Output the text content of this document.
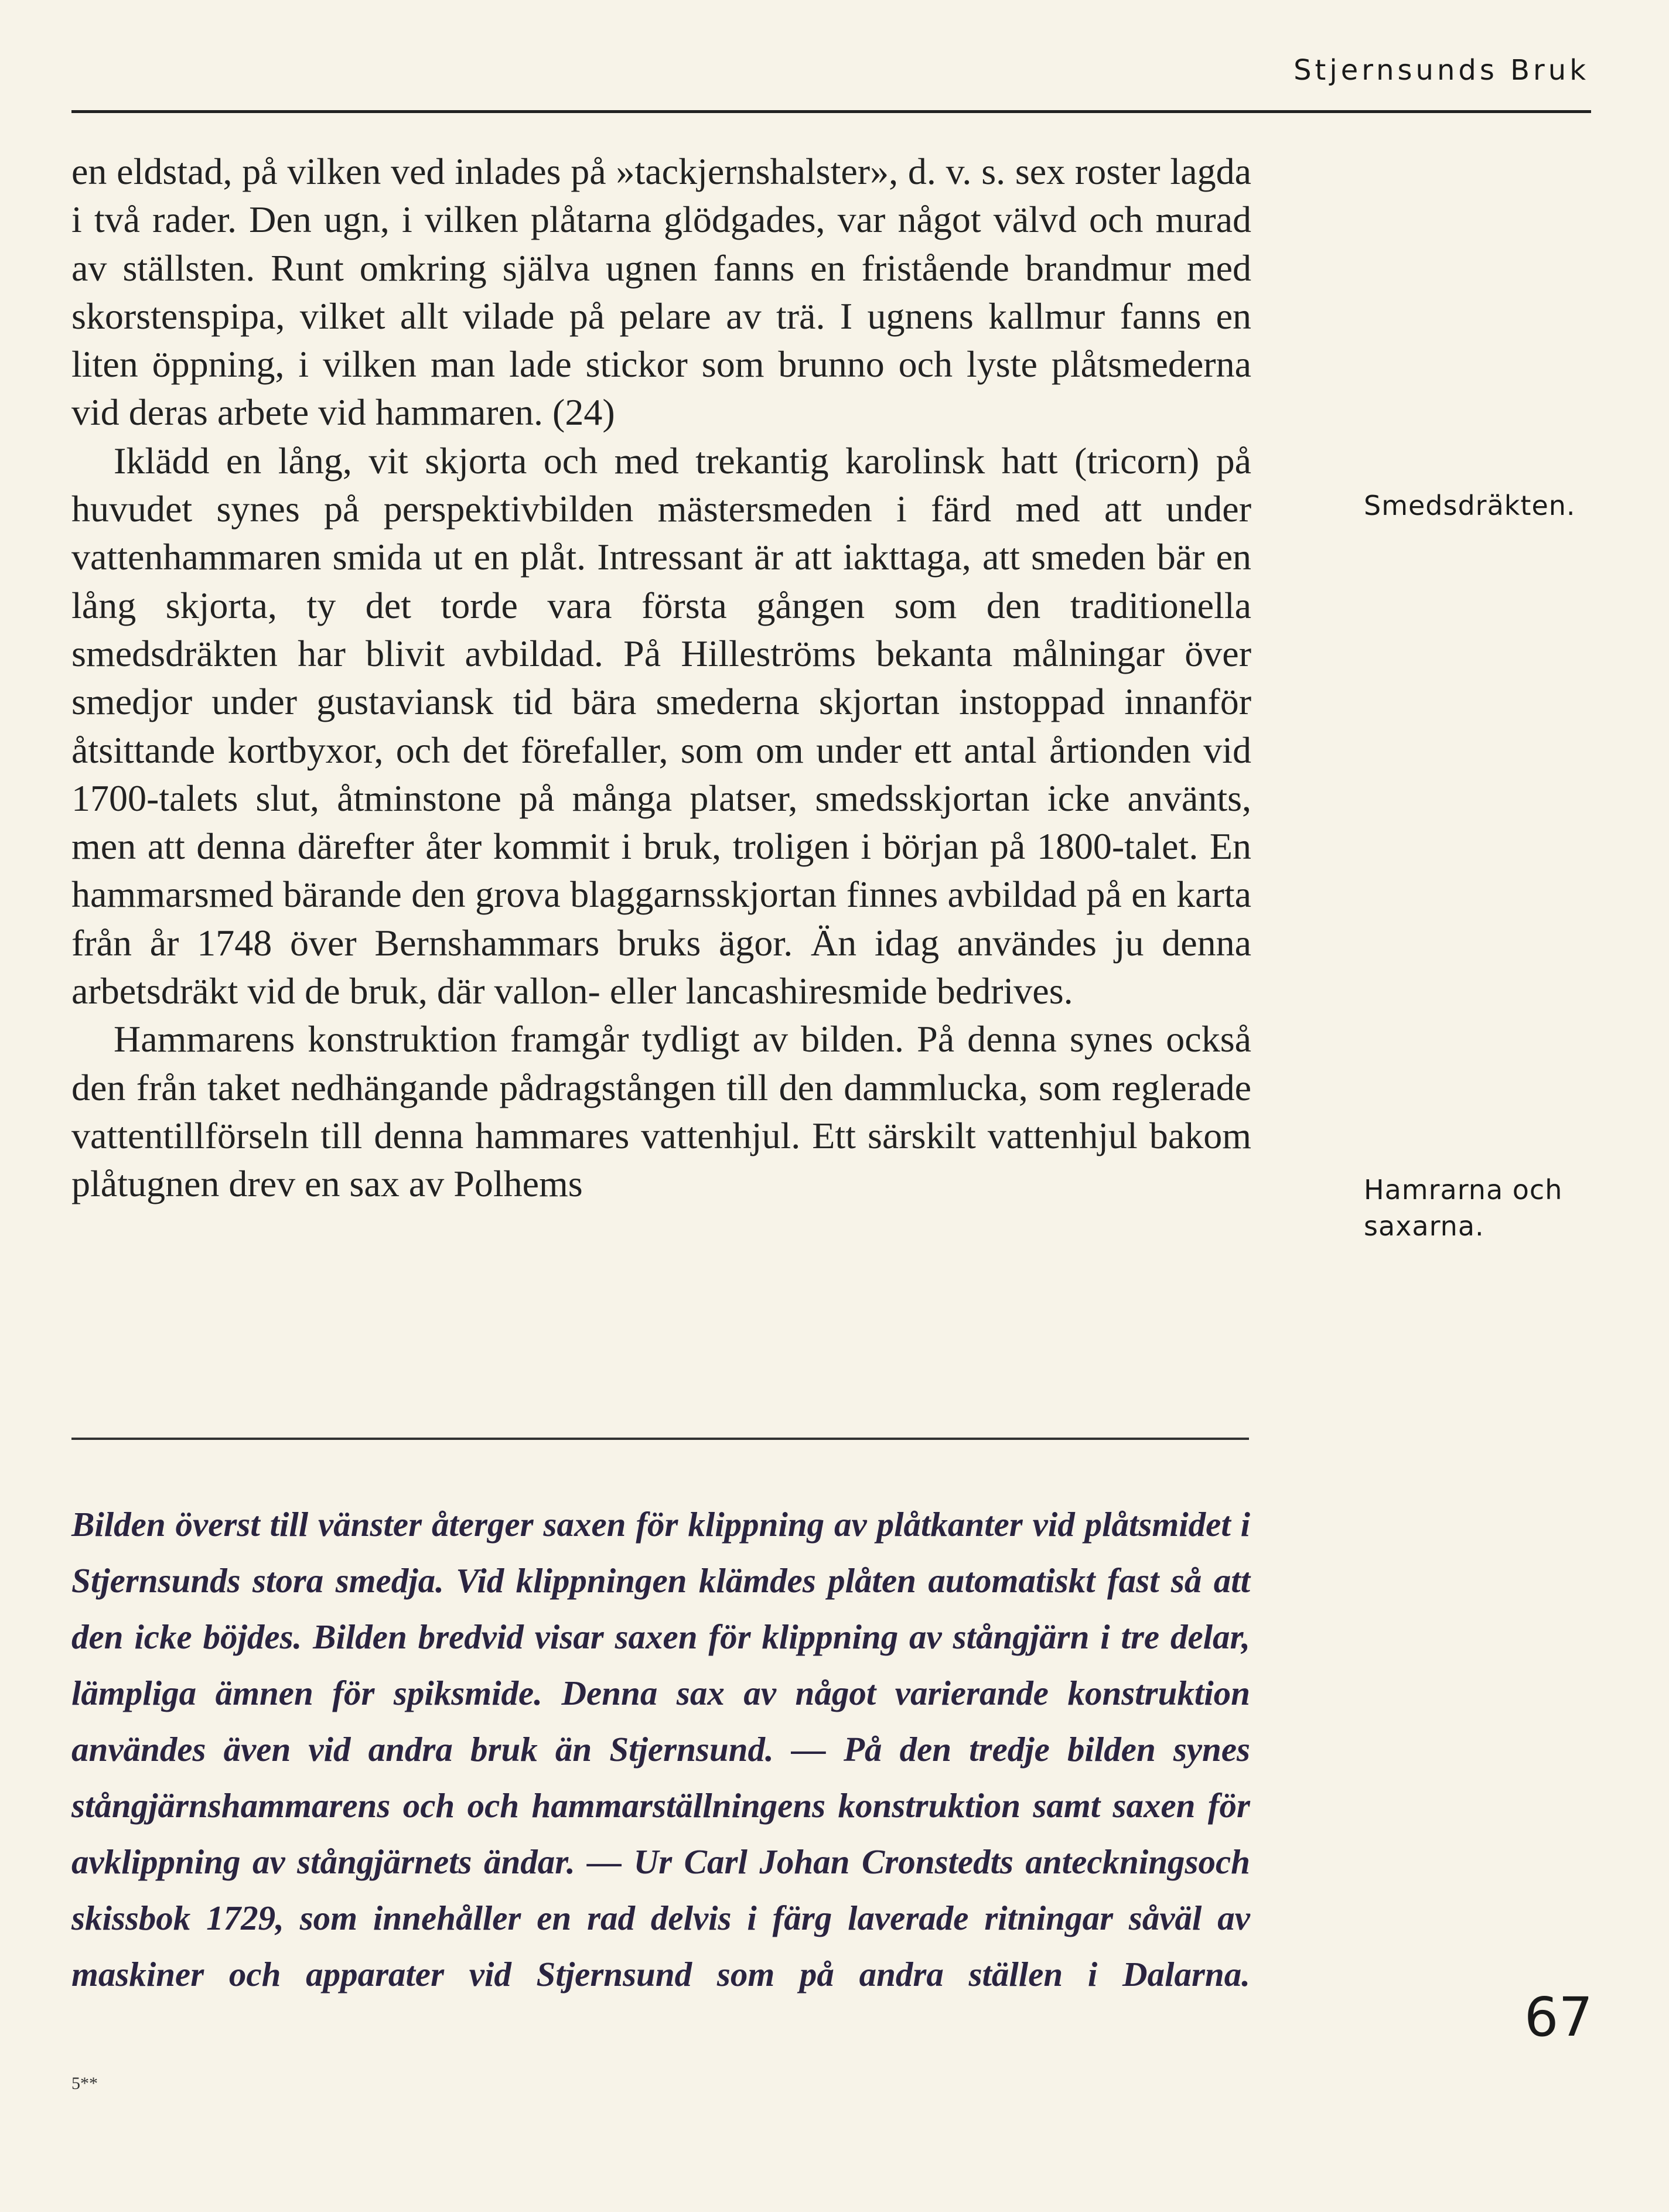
Stjernsunds Bruk

en eldstad, på vilken ved inlades på »tackjernshalster», d. v. s. sex roster lagda i två rader. Den ugn, i vilken plåtarna glödgades, var något välvd och murad av ställsten. Runt omkring själva ugnen fanns en fristående brandmur med skorstenspipa, vilket allt vilade på pelare av trä. I ugnens kallmur fanns en liten öppning, i vilken man lade stickor som brunno och lyste plåtsmederna vid deras arbete vid hammaren. (24)

Iklädd en lång, vit skjorta och med trekantig karolinsk hatt (tricorn) på huvudet synes på perspektivbilden mästersmeden i färd med att under vattenhammaren smida ut en plåt. Intressant är att iakttaga, att smeden bär en lång skjorta, ty det torde vara första gången som den traditionella smedsdräkten har blivit avbildad. På Hilleströms bekanta målningar över smedjor under gustaviansk tid bära smederna skjortan instoppad innanför åtsittande kortbyxor, och det förefaller, som om under ett antal årtionden vid 1700-talets slut, åtminstone på många platser, smedsskjortan icke använts, men att denna därefter åter kommit i bruk, troligen i början på 1800-talet. En hammarsmed bärande den grova blaggarnsskjortan finnes avbildad på en karta från år 1748 över Bernshammars bruks ägor. Än idag användes ju denna arbetsdräkt vid de bruk, där vallon- eller lancashiresmide bedrives.

Hammarens konstruktion framgår tydligt av bilden. På denna synes också den från taket nedhängande pådragstången till den dammlucka, som reglerade vattentillförseln till denna hammares vattenhjul. Ett särskilt vattenhjul bakom plåtugnen drev en sax av Polhems

Smedsdräkten.
Hamrarna och saxarna.

Bilden överst till vänster återger saxen för klippning av plåtkanter vid plåtsmidet i Stjernsunds stora smedja. Vid klippningen klämdes plåten automatiskt fast så att den icke böjdes. Bilden bredvid visar saxen för klippning av stångjärn i tre delar, lämpliga ämnen för spiksmide. Denna sax av något varierande konstruktion användes även vid andra bruk än Stjernsund. — På den tredje bilden synes stångjärnshammarens och och hammarställningens konstruktion samt saxen för avklippning av stångjärnets ändar. — Ur Carl Johan Cronstedts anteckningsoch skissbok 1729, som innehåller en rad delvis i färg laverade ritningar såväl av maskiner och apparater vid Stjernsund som på andra ställen i Dalarna.

67
5**
